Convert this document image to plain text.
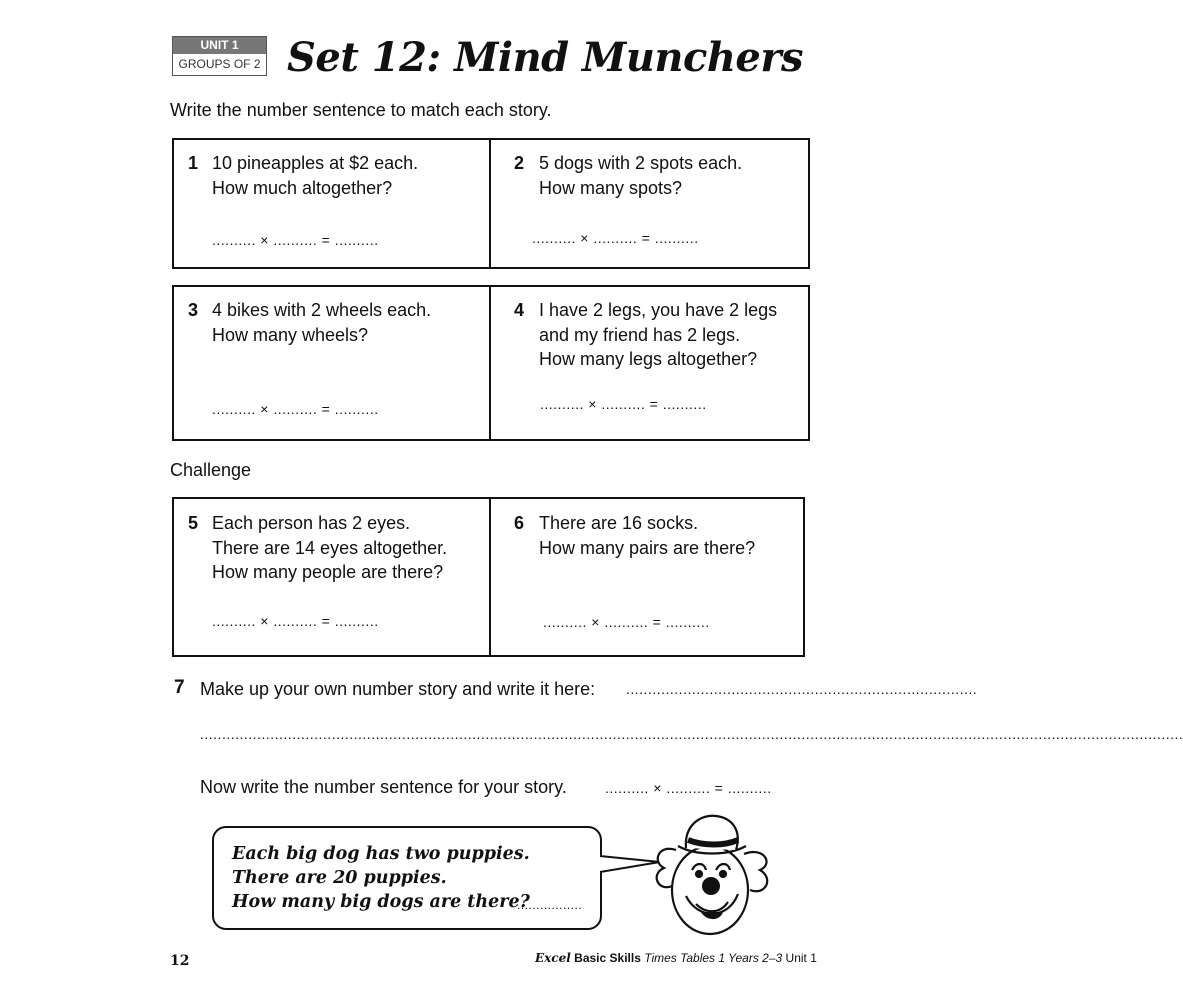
UNIT 1
GROUPS OF 2 Set 12: Mind Munchers
Write the number sentence to match each story.
1 10 pineapples at $2 each.
How much altogether?
.......... × .......... = ..........
2 5 dogs with 2 spots each.
How many spots?
.......... × .......... = ..........
3 4 bikes with 2 wheels each.
How many wheels?
.......... × .......... = ..........
4 I have 2 legs, you have 2 legs
and my friend has 2 legs.
How many legs altogether?
.......... × .......... = ..........
Challenge
5 Each person has 2 eyes.
There are 14 eyes altogether.
How many people are there?
.......... × .......... = ..........
6 There are 16 socks.
How many pairs are there?
.......... × .......... = ..........
7 Make up your own number story and write it here: ................................................................................
................................................................................................................................................................................................................................
Now write the number sentence for your story.	.......... × .......... = ..........
Each big dog has two puppies.
There are 20 puppies.
How many big dogs are there?
.................
12	Excel Basic Skills Times Tables 1 Years 2–3 Unit 1
